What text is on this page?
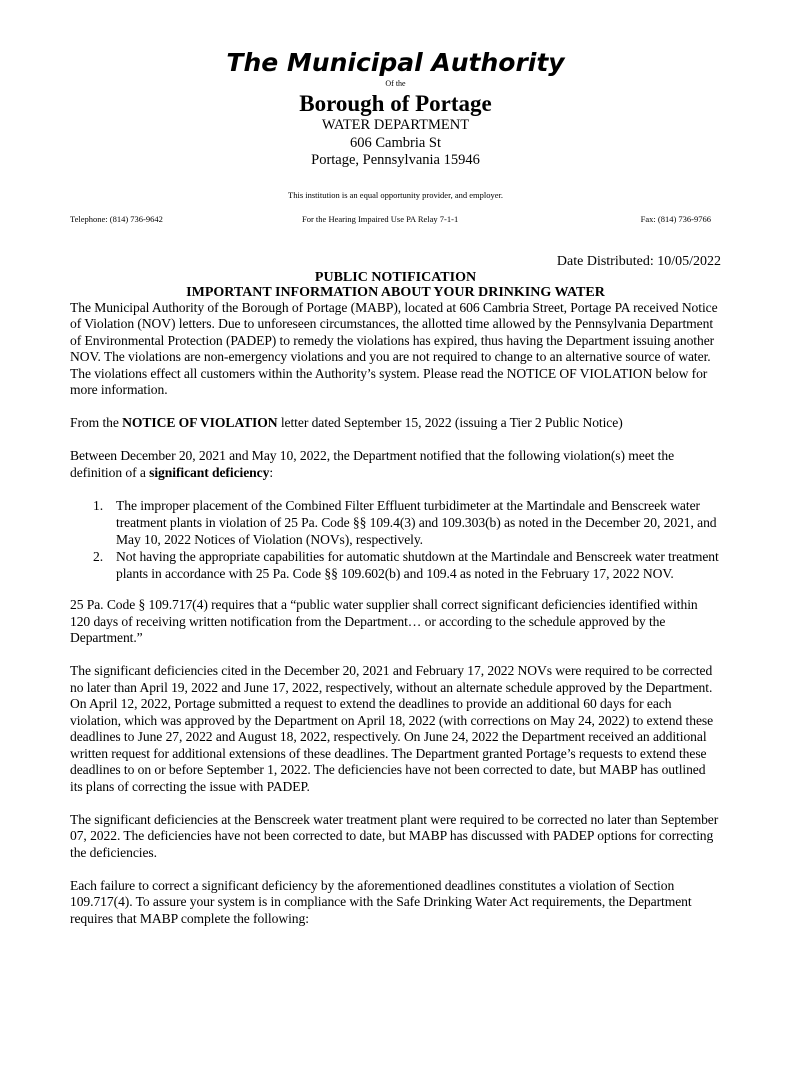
The Municipal Authority
Of the
Borough of Portage
WATER DEPARTMENT
606 Cambria St
Portage, Pennsylvania 15946
This institution is an equal opportunity provider, and employer.
Telephone: (814) 736-9642	For the Hearing Impaired Use PA Relay 7-1-1	Fax: (814) 736-9766
Date Distributed: 10/05/2022
PUBLIC NOTIFICATION
IMPORTANT INFORMATION ABOUT YOUR DRINKING WATER

The Municipal Authority of the Borough of Portage (MABP), located at 606 Cambria Street, Portage PA received Notice of Violation (NOV) letters. Due to unforeseen circumstances, the allotted time allowed by the Pennsylvania Department of Environmental Protection (PADEP) to remedy the violations has expired, thus having the Department issuing another NOV. The violations are non-emergency violations and you are not required to change to an alternative source of water. The violations effect all customers within the Authority’s system. Please read the NOTICE OF VIOLATION below for more information.

From the NOTICE OF VIOLATION letter dated September 15, 2022 (issuing a Tier 2 Public Notice)

Between December 20, 2021 and May 10, 2022, the Department notified that the following violation(s) meet the definition of a significant deficiency:

1. The improper placement of the Combined Filter Effluent turbidimeter at the Martindale and Benscreek water treatment plants in violation of 25 Pa. Code §§ 109.4(3) and 109.303(b) as noted in the December 20, 2021, and May 10, 2022 Notices of Violation (NOVs), respectively.
2. Not having the appropriate capabilities for automatic shutdown at the Martindale and Benscreek water treatment plants in accordance with 25 Pa. Code §§ 109.602(b) and 109.4 as noted in the February 17, 2022 NOV.

25 Pa. Code § 109.717(4) requires that a “public water supplier shall correct significant deficiencies identified within 120 days of receiving written notification from the Department… or according to the schedule approved by the Department.”

The significant deficiencies cited in the December 20, 2021 and February 17, 2022 NOVs were required to be corrected no later than April 19, 2022 and June 17, 2022, respectively, without an alternate schedule approved by the Department. On April 12, 2022, Portage submitted a request to extend the deadlines to provide an additional 60 days for each violation, which was approved by the Department on April 18, 2022 (with corrections on May 24, 2022) to extend these deadlines to June 27, 2022 and August 18, 2022, respectively. On June 24, 2022 the Department received an additional written request for additional extensions of these deadlines. The Department granted Portage’s requests to extend these deadlines to on or before September 1, 2022. The deficiencies have not been corrected to date, but MABP has outlined its plans of correcting the issue with PADEP.

The significant deficiencies at the Benscreek water treatment plant were required to be corrected no later than September 07, 2022. The deficiencies have not been corrected to date, but MABP has discussed with PADEP options for correcting the deficiencies.

Each failure to correct a significant deficiency by the aforementioned deadlines constitutes a violation of Section 109.717(4). To assure your system is in compliance with the Safe Drinking Water Act requirements, the Department requires that MABP complete the following:
